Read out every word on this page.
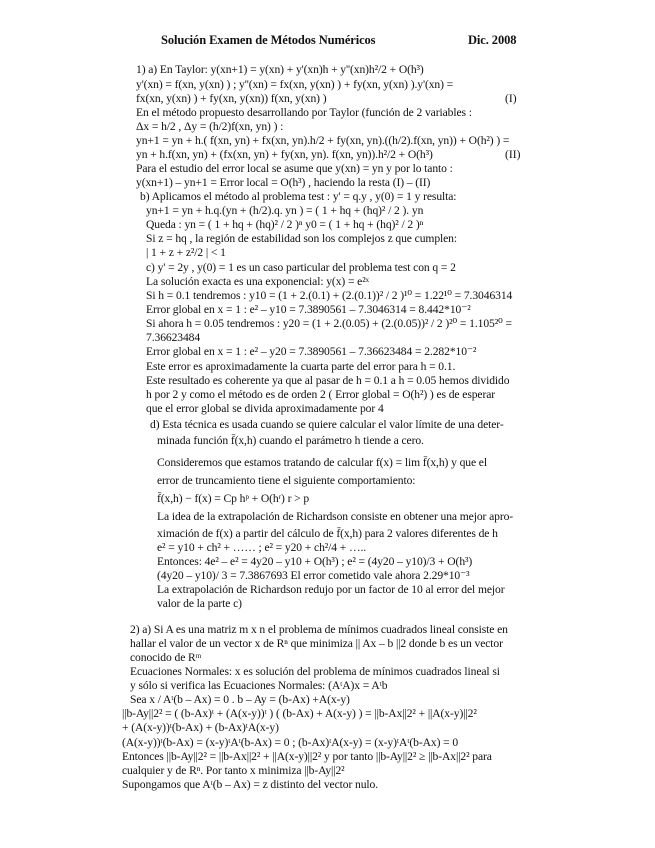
Solución Examen de Métodos Numéricos	Dic. 2008
1) a) En Taylor: y(xn+1) = y(xn) + y'(xn)h + y''(xn)h²/2 + O(h³)
y'(xn) = f(xn, y(xn) ) ; y''(xn) = fx(xn, y(xn) ) + fy(xn, y(xn) ).y'(xn) =
fx(xn, y(xn) ) + fy(xn, y(xn)) f(xn, y(xn) )	(I)
En el método propuesto desarrollando por Taylor (función de 2 variables :
Δx = h/2 , Δy = (h/2)f(xn, yn) ) :
yn+1 = yn + h.( f(xn, yn) + fx(xn, yn).h/2 + fy(xn, yn).((h/2).f(xn, yn)) + O(h²) ) =
yn + h.f(xn, yn) + (fx(xn, yn) + fy(xn, yn). f(xn, yn)).h²/2 + O(h³)	(II)
Para el estudio del error local se asume que y(xn) = yn y por lo tanto :
y(xn+1) – yn+1 = Error local = O(h³) , haciendo la resta (I) – (II)
b) Aplicamos el método al problema test : y' = q.y , y(0) = 1 y resulta:
yn+1 = yn + h.q.(yn + (h/2).q. yn ) = ( 1 + hq + (hq)² / 2 ). yn
Queda : yn = ( 1 + hq + (hq)² / 2 )ⁿ y0 = ( 1 + hq + (hq)² / 2 )ⁿ
Si z = hq , la región de estabilidad son los complejos z que cumplen:
| 1 + z + z²/2 | < 1
c) y' = 2y , y(0) = 1 es un caso particular del problema test con q = 2
La solución exacta es una exponencial: y(x) = e²ˣ
Si h = 0.1 tendremos : y10 = (1 + 2.(0.1) + (2.(0.1))² / 2 )¹⁰ = 1.22¹⁰ = 7.3046314
Error global en x = 1 : e² – y10 = 7.3890561 – 7.3046314 = 8.442*10⁻²
Si ahora h = 0.05 tendremos : y20 = (1 + 2.(0.05) + (2.(0.05))² / 2 )²⁰ = 1.105²⁰ =
7.36623484
Error global en x = 1 : e² – y20 = 7.3890561 – 7.36623484 = 2.282*10⁻²
Este error es aproximadamente la cuarta parte del error para h = 0.1.
Este resultado es coherente ya que al pasar de h = 0.1 a h = 0.05 hemos dividido
h por 2 y como el método es de orden 2 ( Error global = O(h²) ) es de esperar
que el error global se divida aproximadamente por 4
d) Esta técnica es usada cuando se quiere calcular el valor límite de una deter-
minada función f̄(x,h) cuando el parámetro h tiende a cero.
Consideremos que estamos tratando de calcular f(x) = lim f̄(x,h) y que el
error de truncamiento tiene el siguiente comportamiento:
f̄(x,h) − f(x) = Cp hᵖ + O(hʳ) r > p
La idea de la extrapolación de Richardson consiste en obtener una mejor apro-
ximación de f(x) a partir del cálculo de f̄(x,h) para 2 valores diferentes de h
e² = y10 + ch² + …… ; e² = y20 + ch²/4 + …..
Entonces: 4e² – e² = 4y20 – y10 + O(h³) ; e² = (4y20 – y10)/3 + O(h³)
(4y20 – y10)/ 3 = 7.3867693 El error cometido vale ahora 2.29*10⁻³
La extrapolación de Richardson redujo por un factor de 10 al error del mejor
valor de la parte c)
2) a) Si A es una matriz m x n el problema de mínimos cuadrados lineal consiste en
hallar el valor de un vector x de Rⁿ que minimiza || Ax – b ||2 donde b es un vector
conocido de Rᵐ
Ecuaciones Normales: x es solución del problema de mínimos cuadrados lineal si
y sólo si verifica las Ecuaciones Normales: (AᵗA)x = Aᵗb
Sea x / Aᵗ(b – Ax) = 0 . b – Ay = (b-Ax) +A(x-y)
||b-Ay||2² = ( (b-Ax)ᵗ + (A(x-y))ᵗ ) ( (b-Ax) + A(x-y) ) = ||b-Ax||2² + ||A(x-y)||2²
+ (A(x-y))ᵗ(b-Ax) + (b-Ax)ᵗA(x-y)
(A(x-y))ᵗ(b-Ax) = (x-y)ᵗAᵗ(b-Ax) = 0 ; (b-Ax)ᵗA(x-y) = (x-y)ᵗAᵗ(b-Ax) = 0
Entonces ||b-Ay||2² = ||b-Ax||2² + ||A(x-y)||2² y por tanto ||b-Ay||2² ≥ ||b-Ax||2² para
cualquier y de Rⁿ. Por tanto x minimiza ||b-Ay||2²
Supongamos que Aᵗ(b – Ax) = z distinto del vector nulo.
